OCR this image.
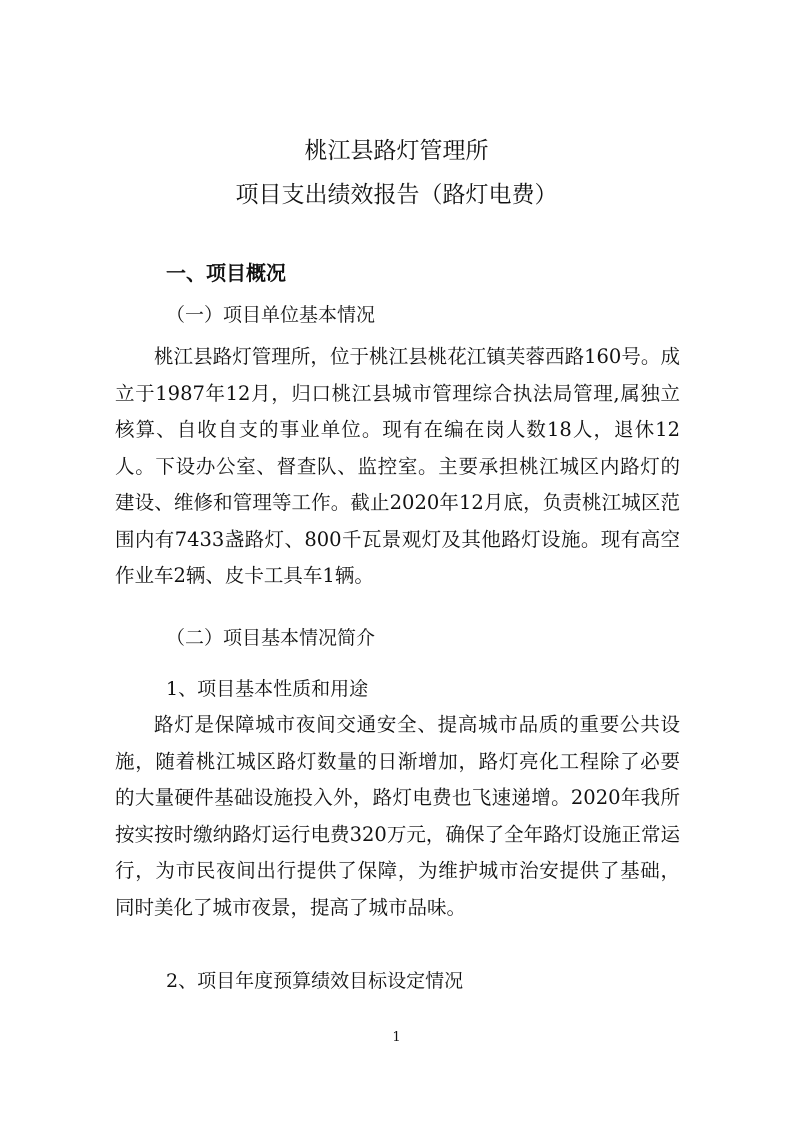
桃江县路灯管理所
项目支出绩效报告（路灯电费）
一、项目概况
（一）项目单位基本情况

桃江县路灯管理所，位于桃江县桃花江镇芙蓉西路160号。成立于1987年12月，归口桃江县城市管理综合执法局管理,属独立核算、自收自支的事业单位。现有在编在岗人数18人，退休12人。下设办公室、督查队、监控室。主要承担桃江城区内路灯的建设、维修和管理等工作。截止2020年12月底，负责桃江城区范围内有7433盏路灯、800千瓦景观灯及其他路灯设施。现有高空作业车2辆、皮卡工具车1辆。

（二）项目基本情况简介
1、项目基本性质和用途

路灯是保障城市夜间交通安全、提高城市品质的重要公共设施，随着桃江城区路灯数量的日渐增加，路灯亮化工程除了必要的大量硬件基础设施投入外，路灯电费也飞速递增。2020年我所按实按时缴纳路灯运行电费320万元，确保了全年路灯设施正常运行，为市民夜间出行提供了保障，为维护城市治安提供了基础，同时美化了城市夜景，提高了城市品味。

2、项目年度预算绩效目标设定情况
1
